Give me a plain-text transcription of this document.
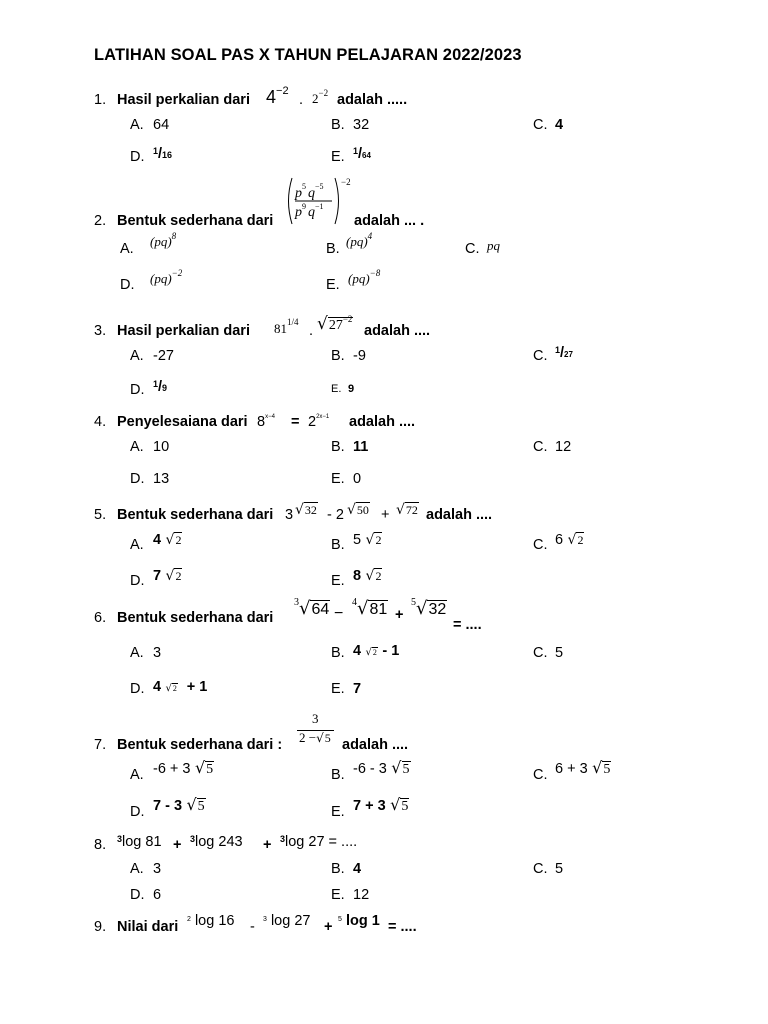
LATIHAN SOAL PAS X TAHUN PELAJARAN 2022/2023
1. Hasil perkalian dari $4^{-2}$
. $2^{-2}$ adalah .....
A. 64	B. 32	C. 4
D. $^1$/16	E. $^1$/64
2. Bentuk sederhana dari
p 5 q −5
p 9 q −1
−2
adalah ... .
A. (pq)$^8$
B. (pq)$^4$
C. pq
D. (pq)$^{-2}$
E. (pq)$^{-8}$
3. Hasil perkalian dari $81^{1/4}$
. $√27^{-2}$
adalah ....
A. -27	B. -9	C. $^1$/27
D. $^1$/9	E. 9
4. Penyelesaiana dari $8^{x-4} = 2^{2x-1}$ adalah ....
A. 10	B. 11	C. 12
D. 13	E. 0
5. Bentuk sederhana dari 3 √32 - 2 √50 + √72 adalah ....
A. 4 √2	B. 5 √2	C. 6 √2
D. 7 √2	E. 8 √2
6. Bentuk sederhana dari
$^3$√64 −
$^4$√81 +
$^5$√32
= ....
A. 3	B. 4 √2 - 1	C. 5
D. 4 √2 + 1	E. 7
7. Bentuk sederhana dari :
3
2 −√5 adalah ....
A. -6 + 3 √5	B. -6 - 3 √5	C. 6 + 3 √5
D. 7 - 3 √5	E. 7 + 3 √5
8. $^3$log 81 + $^3$log 243 + $^3$log 27 = ....
A. 3	B. 4	C. 5
D. 6	E. 12
9. Nilai dari $^2$ log 16 - $^3$ log 27 + $^5$ log 1 = ....
